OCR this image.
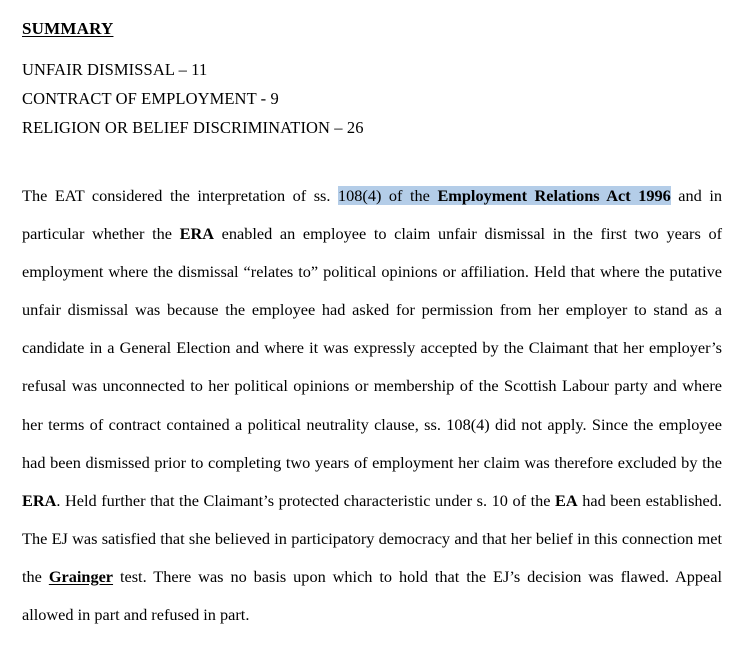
SUMMARY
UNFAIR DISMISSAL – 11
CONTRACT OF EMPLOYMENT - 9
RELIGION OR BELIEF DISCRIMINATION – 26

The EAT considered the interpretation of ss. 108(4) of the Employment Relations Act 1996 and in particular whether the ERA enabled an employee to claim unfair dismissal in the first two years of employment where the dismissal “relates to” political opinions or affiliation. Held that where the putative unfair dismissal was because the employee had asked for permission from her employer to stand as a candidate in a General Election and where it was expressly accepted by the Claimant that her employer’s refusal was unconnected to her political opinions or membership of the Scottish Labour party and where her terms of contract contained a political neutrality clause, ss. 108(4) did not apply. Since the employee had been dismissed prior to completing two years of employment her claim was therefore excluded by the ERA. Held further that the Claimant’s protected characteristic under s. 10 of the EA had been established. The EJ was satisfied that she believed in participatory democracy and that her belief in this connection met the Grainger test. There was no basis upon which to hold that the EJ’s decision was flawed. Appeal allowed in part and refused in part.
